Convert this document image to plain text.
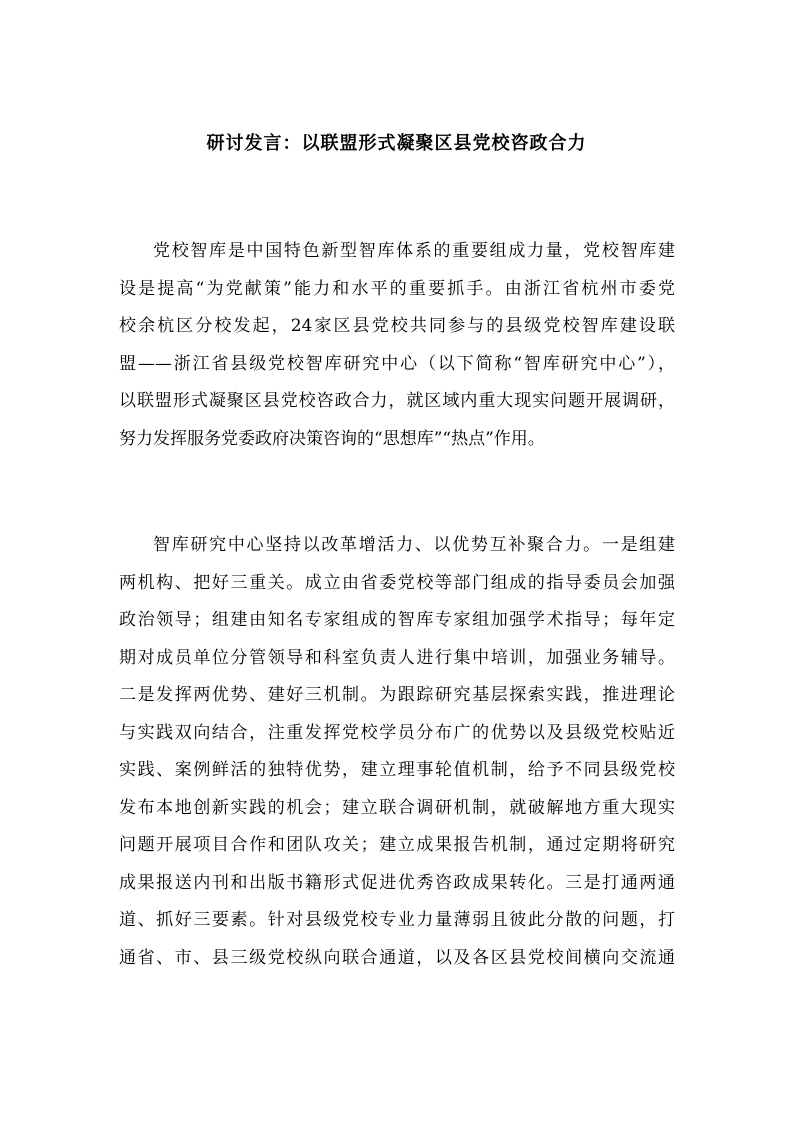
研讨发言：以联盟形式凝聚区县党校咨政合力
党校智库是中国特色新型智库体系的重要组成力量，党校智库建
设是提高“为党献策”能力和水平的重要抓手。由浙江省杭州市委党
校余杭区分校发起，24家区县党校共同参与的县级党校智库建设联
盟——浙江省县级党校智库研究中心（以下简称“智库研究中心”），
以联盟形式凝聚区县党校咨政合力，就区域内重大现实问题开展调研，
努力发挥服务党委政府决策咨询的“思想库”“热点”作用。
智库研究中心坚持以改革增活力、以优势互补聚合力。一是组建
两机构、把好三重关。成立由省委党校等部门组成的指导委员会加强
政治领导；组建由知名专家组成的智库专家组加强学术指导；每年定
期对成员单位分管领导和科室负责人进行集中培训，加强业务辅导。
二是发挥两优势、建好三机制。为跟踪研究基层探索实践，推进理论
与实践双向结合，注重发挥党校学员分布广的优势以及县级党校贴近
实践、案例鲜活的独特优势，建立理事轮值机制，给予不同县级党校
发布本地创新实践的机会；建立联合调研机制，就破解地方重大现实
问题开展项目合作和团队攻关；建立成果报告机制，通过定期将研究
成果报送内刊和出版书籍形式促进优秀咨政成果转化。三是打通两通
道、抓好三要素。针对县级党校专业力量薄弱且彼此分散的问题，打
通省、市、县三级党校纵向联合通道，以及各区县党校间横向交流通
